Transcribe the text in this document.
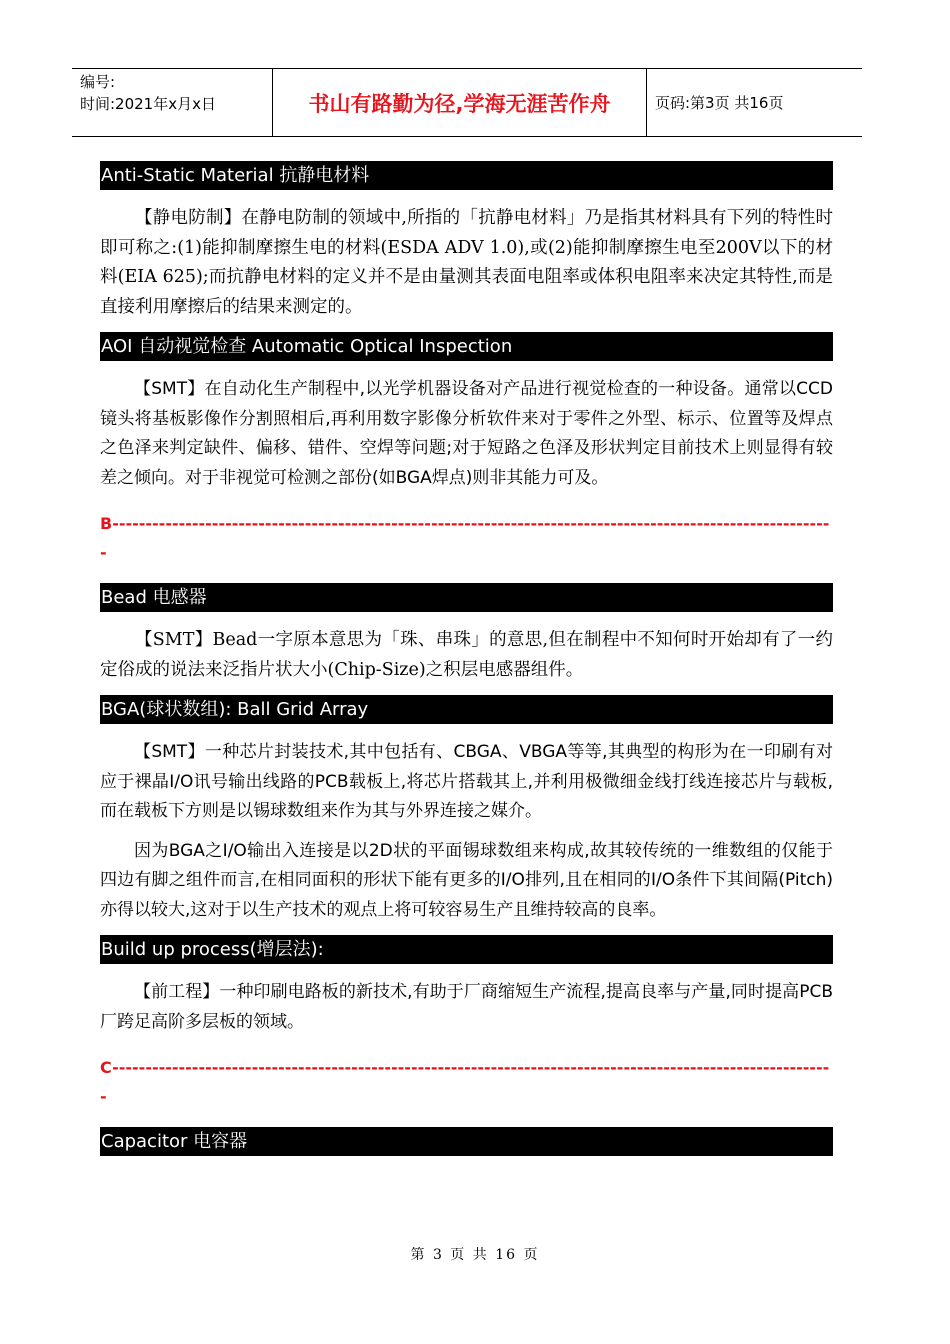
编号:
时间:2021年x月x日	书山有路勤为径,学海无涯苦作舟	页码:第3页 共16页
Anti-Static Material 抗静电材料

【静电防制】在静电防制的领域中,所指的「抗静电材料」乃是指其材料具有下列的特性时即可称之:(1)能抑制摩擦生电的材料(ESDA ADV 1.0),或(2)能抑制摩擦生电至200V以下的材料(EIA 625);而抗静电材料的定义并不是由量测其表面电阻率或体积电阻率来决定其特性,而是直接利用摩擦后的结果来测定的。

AOI 自动视觉检查 Automatic Optical Inspection

【SMT】在自动化生产制程中,以光学机器设备对产品进行视觉检查的一种设备。通常以CCD镜头将基板影像作分割照相后,再利用数字影像分析软件来对于零件之外型、标示、位置等及焊点之色泽来判定缺件、偏移、错件、空焊等问题;对于短路之色泽及形状判定目前技术上则显得有较差之倾向。对于非视觉可检测之部份(如BGA焊点)则非其能力可及。

B-------------------------------------------------------------------------------------------------------------

Bead 电感器

【SMT】Bead一字原本意思为「珠、串珠」的意思,但在制程中不知何时开始却有了一约定俗成的说法来泛指片状大小(Chip-Size)之积层电感器组件。

BGA(球状数组): Ball Grid Array

【SMT】一种芯片封装技术,其中包括有、CBGA、VBGA等等,其典型的构形为在一印刷有对应于裸晶I/O讯号输出线路的PCB载板上,将芯片搭载其上,并利用极微细金线打线连接芯片与载板,而在载板下方则是以锡球数组来作为其与外界连接之媒介。

因为BGA之I/O输出入连接是以2D状的平面锡球数组来构成,故其较传统的一维数组的仅能于四边有脚之组件而言,在相同面积的形状下能有更多的I/O排列,且在相同的I/O条件下其间隔(Pitch)亦得以较大,这对于以生产技术的观点上将可较容易生产且维持较高的良率。

Build up process(增层法):

【前工程】一种印刷电路板的新技术,有助于厂商缩短生产流程,提高良率与产量,同时提高PCB厂跨足高阶多层板的领域。

C-------------------------------------------------------------------------------------------------------------

Capacitor 电容器
第 3 页 共 16 页
